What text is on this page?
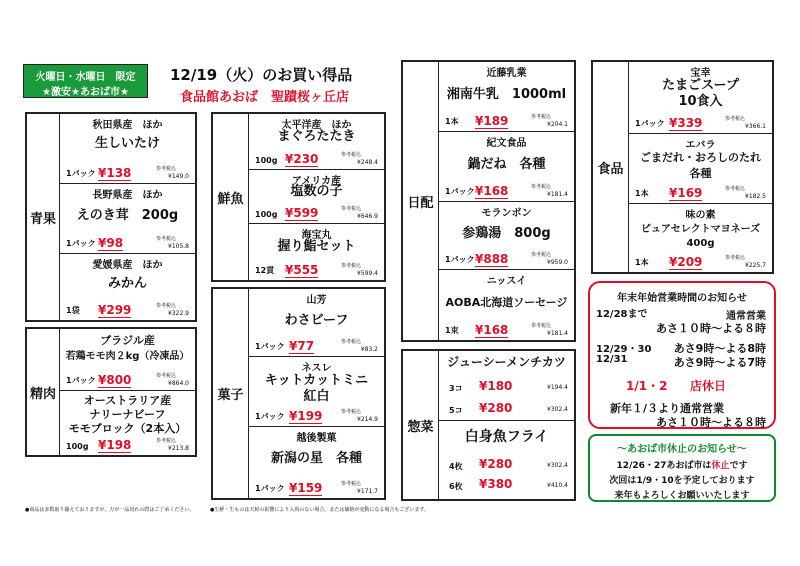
火曜日・水曜日　限定
★激安★あおば市★
12/19（火）のお買い得品
食品館あおば　聖蹟桜ヶ丘店
青果
秋田県産　ほか
生しいたけ
1パック ¥138	参考税込
¥149.0
長野県産　ほか
えのき茸　200g
1パック ¥98	参考税込
¥105.8
愛媛県産　ほか
みかん
1袋 ¥299	参考税込
¥322.9
精肉
ブラジル産
若鶏モモ肉２kg（冷凍品）
1パック ¥800	参考税込
¥864.0
オーストラリア産
ナリーナビーフ
モモブロック（2本入）
100g ¥198	参考税込
¥213.8
鮮魚
太平洋産　ほか
まぐろたたき
100g ¥230	参考税込
¥248.4
アメリカ産
塩数の子
100g ¥599	参考税込
¥646.9
海宝丸
握り鮨セット
12貫 ¥555	参考税込
¥599.4
菓子
山芳
わさビーフ
1パック ¥77	参考税込
¥83.2
ネスレ
キットカットミニ
紅白
1パック ¥199	参考税込
¥214.9
越後製菓
新潟の星　各種
1パック ¥159	参考税込
¥171.7
日配
近藤乳業
湘南牛乳　1000ml
1本 ¥189	参考税込
¥204.1
紀文食品
鍋だね　各種
1パック ¥168	参考税込
¥181.4
モランボン
参鶏湯　800g
1パック ¥888	参考税込
¥959.0
ニッスイ
AOBA北海道ソーセージ
1束 ¥168	参考税込
¥181.4
惣菜
ジューシーメンチカツ
3コ ¥180	¥194.4
5コ ¥280	¥302.4
白身魚フライ
4枚 ¥280	¥302.4
6枚 ¥380	¥410.4
食品
宝幸
たまごスープ
10食入
1パック ¥339	参考税込
¥366.1
エバラ
ごまだれ・おろしのたれ
各種
1本 ¥169	参考税込
¥182.5
味の素
ピュアセレクトマヨネーズ
400g
1本 ¥209	参考税込
¥225.7
年末年始営業時間のお知らせ
12/28まで	通常営業
あさ１０時～よる８時
12/29・30 あさ9時～よる8時
12/31	あさ9時～よる7時
1/1・2 店休日
新年１/３より通常営業
あさ１０時～よる８時
～あおば市休止のお知らせ～
12/26・27あおば市は休止です
次回は1/9・10を予定しております
来年もよろしくお願いいたします
●商品は多数取り揃えておりますが、万が一品切れの際はご了承ください。	●生鮮・生ものは天候の影響により入荷のない場合、または価格が変動になる場合もございます。
